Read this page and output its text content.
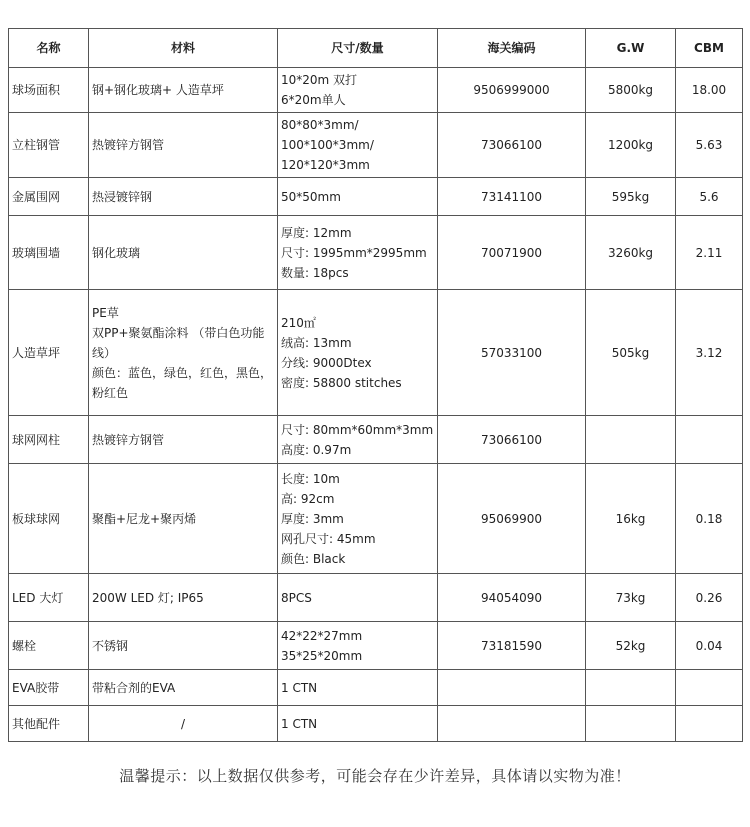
名称	材料	尺寸/数量	海关编码	G.W	CBM
球场面积	钢+钢化玻璃+ 人造草坪	10*20m 双打
6*20m单人	9506999000	5800kg	18.00
立柱钢管	热镀锌方钢管	80*80*3mm/
100*100*3mm/
120*120*3mm	73066100	1200kg	5.63
金属围网	热浸镀锌钢	50*50mm	73141100	595kg	5.6
玻璃围墙	钢化玻璃	厚度: 12mm
尺寸: 1995mm*2995mm
数量: 18pcs	70071900	3260kg	2.11
人造草坪	PE草
双PP+聚氨酯涂料 （带白色功能线）
颜色：蓝色，绿色，红色，黑色，粉红色	210㎡
绒高: 13mm
分线: 9000Dtex
密度: 58800 stitches	57033100	505kg	3.12
球网网柱	热镀锌方钢管	尺寸: 80mm*60mm*3mm
高度: 0.97m	73066100		
板球球网	聚酯+尼龙+聚丙烯	长度: 10m
高: 92cm
厚度: 3mm
网孔尺寸: 45mm
颜色: Black	95069900	16kg	0.18
LED 大灯	200W LED 灯; IP65	8PCS	94054090	73kg	0.26
螺栓	不锈钢	42*22*27mm
35*25*20mm	73181590	52kg	0.04
EVA胶带	带粘合剂的EVA	1 CTN			

其他配件	/	1 CTN			

温馨提示：以上数据仅供参考，可能会存在少许差异，具体请以实物为准！
